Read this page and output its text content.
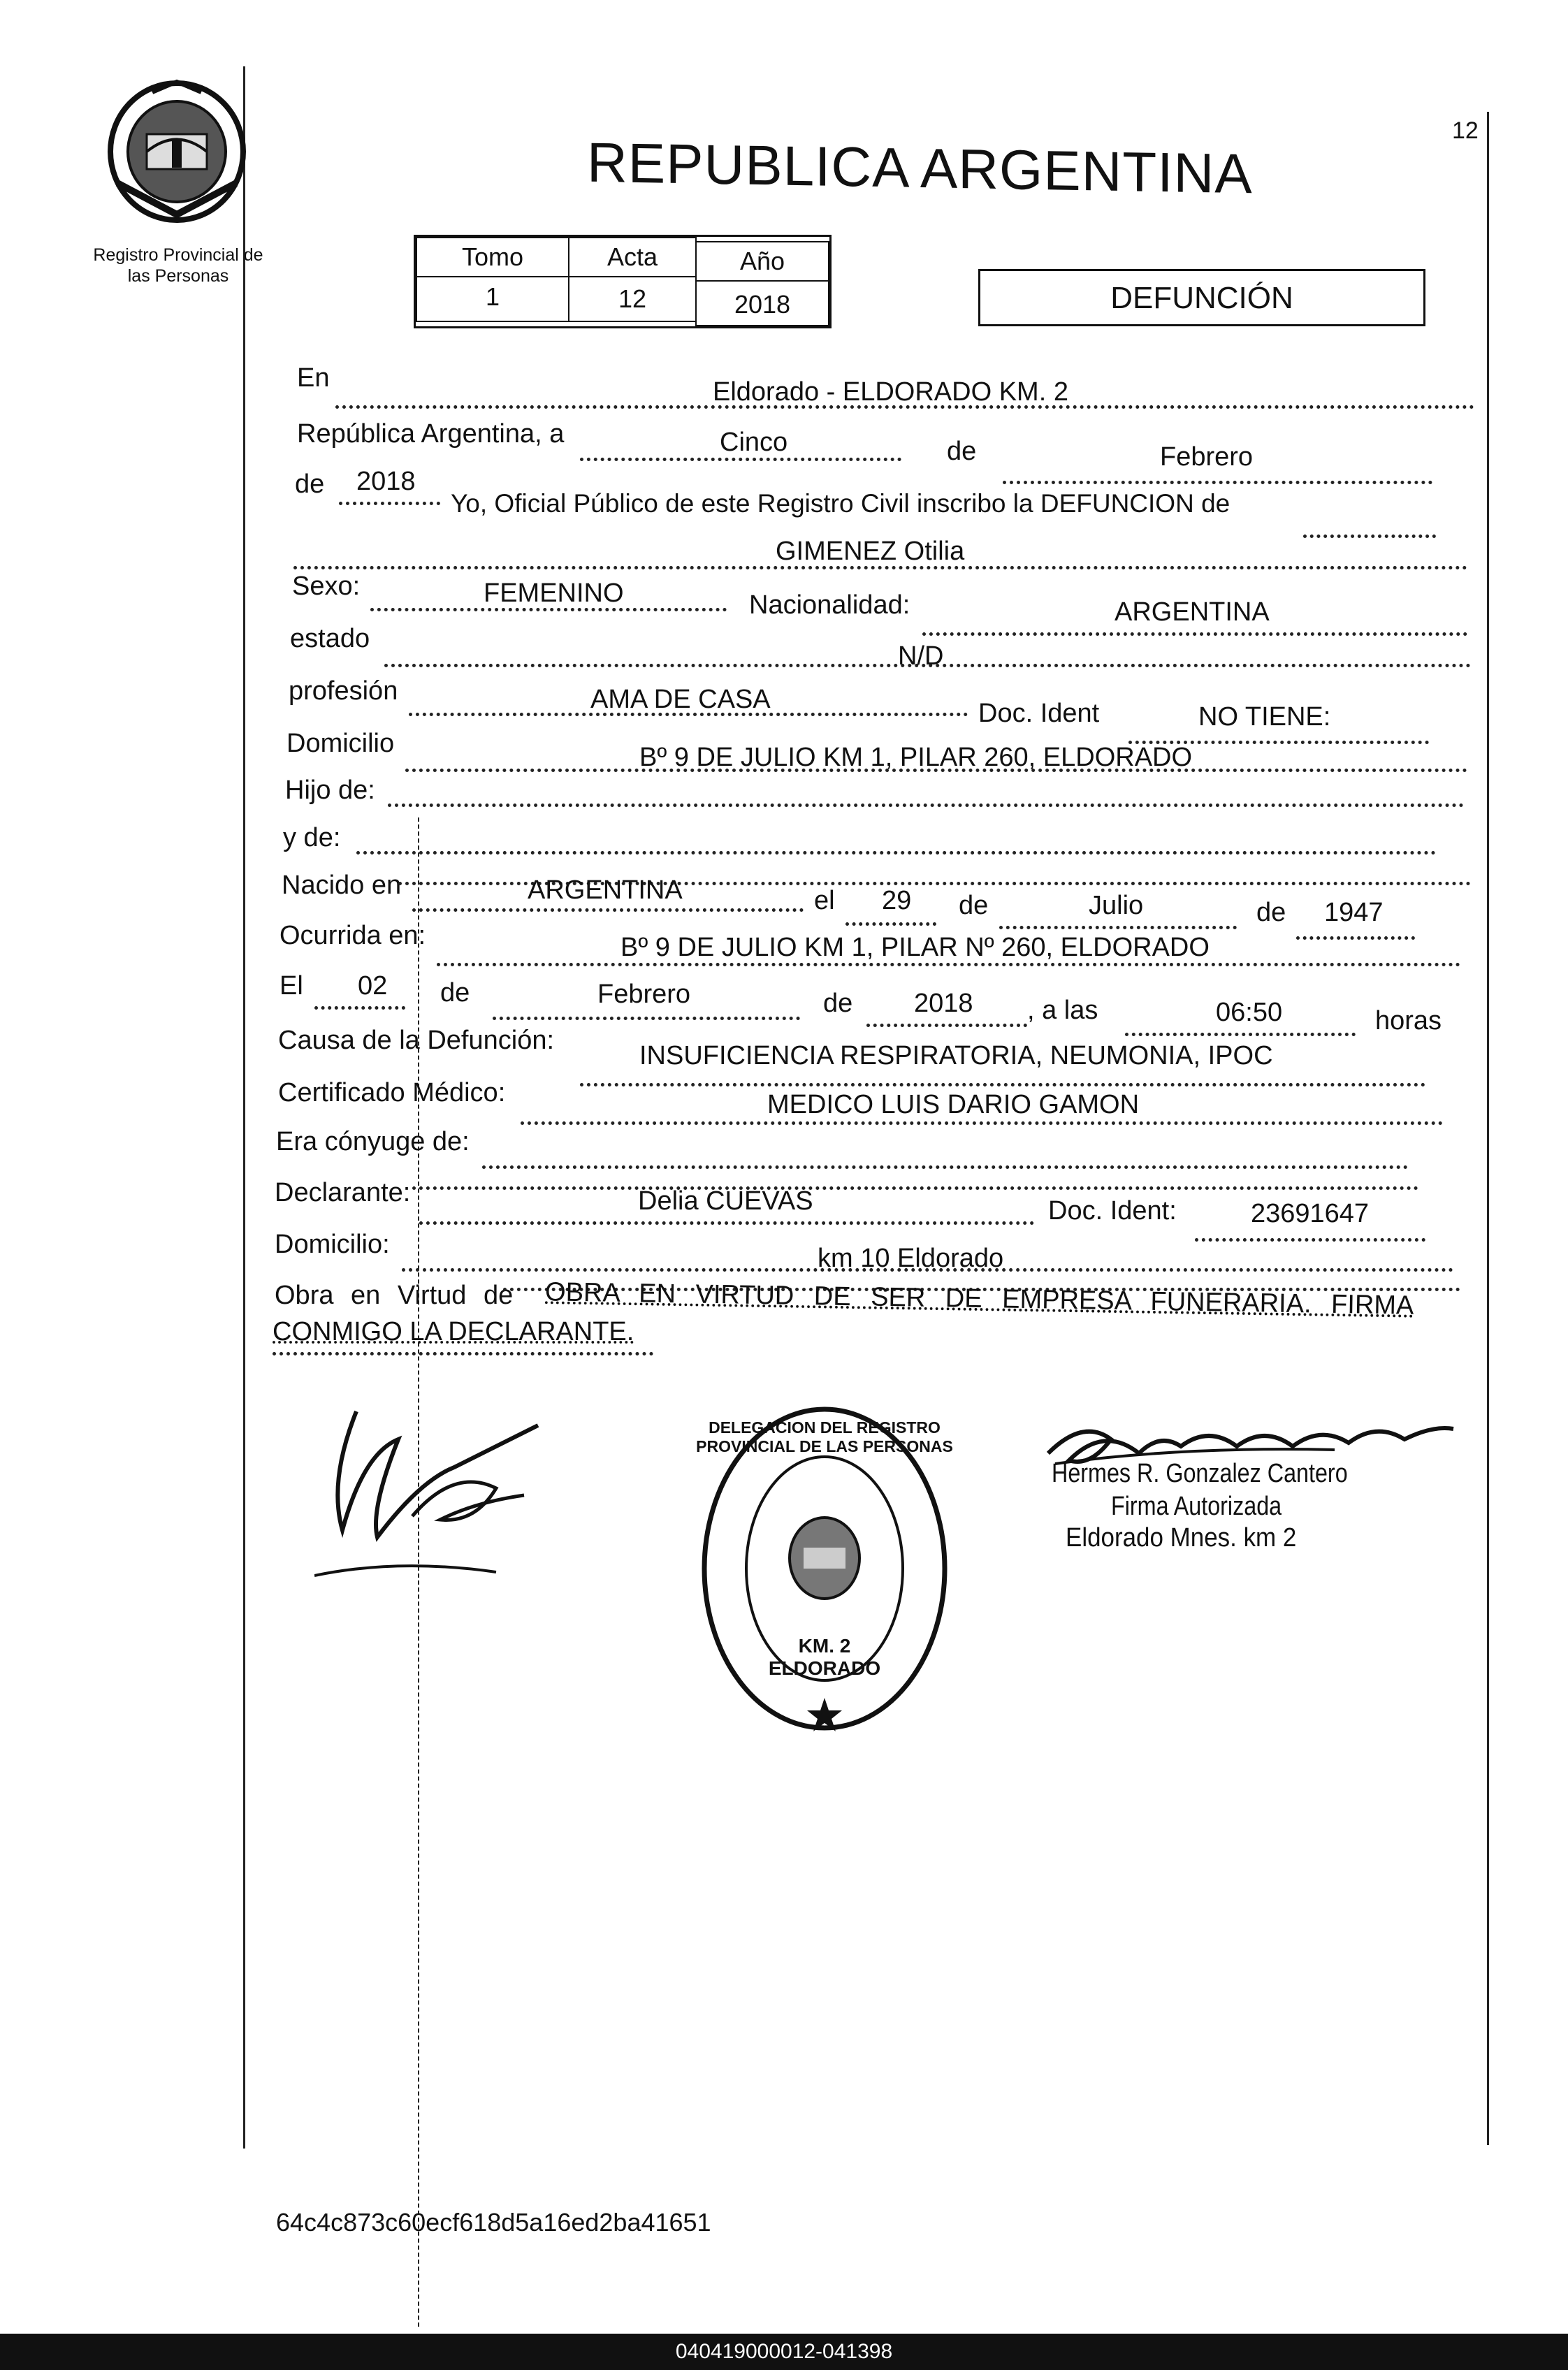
12
Registro Provincial de
las Personas
REPUBLICA ARGENTINA
Tomo	Acta	Año
1	12	2018	DEFUNCIÓN
En	Eldorado - ELDORADO KM. 2
República Argentina, a	Cinco	de	Febrero
de 2018
Yo, Oficial Público de este Registro Civil inscribo la DEFUNCION de
GIMENEZ Otilia
Sexo:	FEMENINO	Nacionalidad:	ARGENTINA
estado
N/D
profesión	AMA DE CASA	Doc. Ident	NO TIENE:
Domicilio	Bº 9 DE JULIO KM 1, PILAR 260, ELDORADO
Hijo de:
y de:
Nacido en	ARGENTINA	el 29 de	Julio	de 1947
Ocurrida en:	Bº 9 DE JULIO KM 1, PILAR Nº 260, ELDORADO
El 02 de	Febrero	de 2018 , a las	06:50	horas
Causa de la Defunción:
INSUFICIENCIA RESPIRATORIA, NEUMONIA, IPOC
Certificado Médico:	MEDICO LUIS DARIO GAMON
Era cónyuge de:
Declarante:	Delia CUEVAS	Doc. Ident:	23691647
Domicilio:	km 10 Eldorado
Obra en Virtud de OBRA EN VIRTUD DE SER DE EMPRESA FUNERARIA. FIRMA
CONMIGO LA DECLARANTE.
DELEGACION DEL REGISTRO PROVINCIAL DE LAS PERSONAS
KM. 2 ELDORADO
Hermes R. Gonzalez Cantero
Firma Autorizada
Eldorado Mnes. km 2
64c4c873c60ecf618d5a16ed2ba41651
040419000012-041398
